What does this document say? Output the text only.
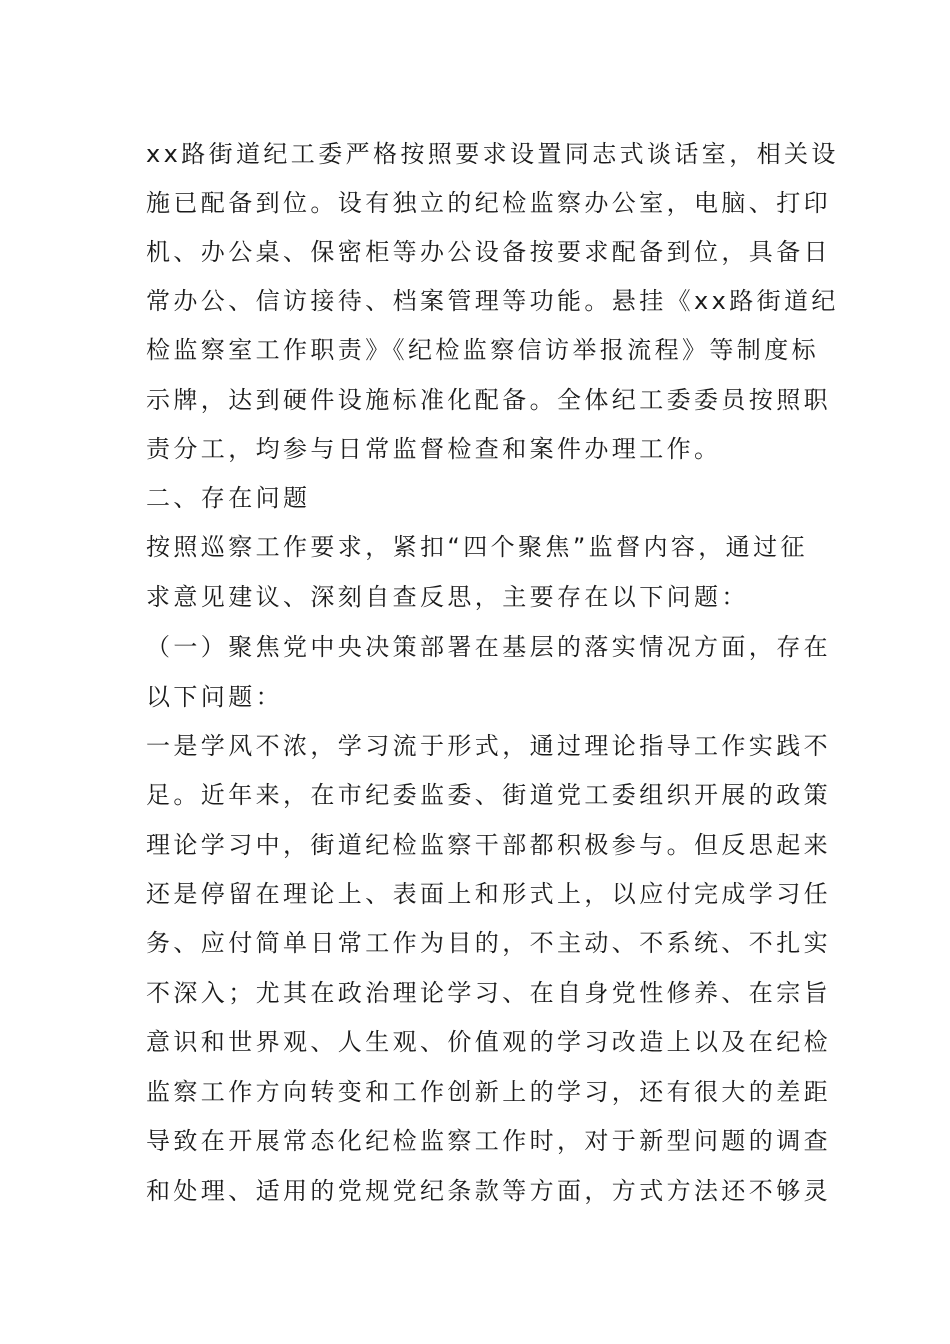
xx路街道纪工委严格按照要求设置同志式谈话室，相关设
施已配备到位。设有独立的纪检监察办公室，电脑、打印
机、办公桌、保密柜等办公设备按要求配备到位，具备日
常办公、信访接待、档案管理等功能。悬挂《xx路街道纪
检监察室工作职责》《纪检监察信访举报流程》等制度标
示牌，达到硬件设施标准化配备。全体纪工委委员按照职
责分工，均参与日常监督检查和案件办理工作。
二、存在问题
按照巡察工作要求，紧扣“四个聚焦”监督内容，通过征
求意见建议、深刻自查反思，主要存在以下问题：
（一）聚焦党中央决策部署在基层的落实情况方面，存在
以下问题：
一是学风不浓，学习流于形式，通过理论指导工作实践不
足。近年来，在市纪委监委、街道党工委组织开展的政策
理论学习中，街道纪检监察干部都积极参与。但反思起来
还是停留在理论上、表面上和形式上，以应付完成学习任
务、应付简单日常工作为目的，不主动、不系统、不扎实
不深入；尤其在政治理论学习、在自身党性修养、在宗旨
意识和世界观、人生观、价值观的学习改造上以及在纪检
监察工作方向转变和工作创新上的学习，还有很大的差距
导致在开展常态化纪检监察工作时，对于新型问题的调查
和处理、适用的党规党纪条款等方面，方式方法还不够灵
